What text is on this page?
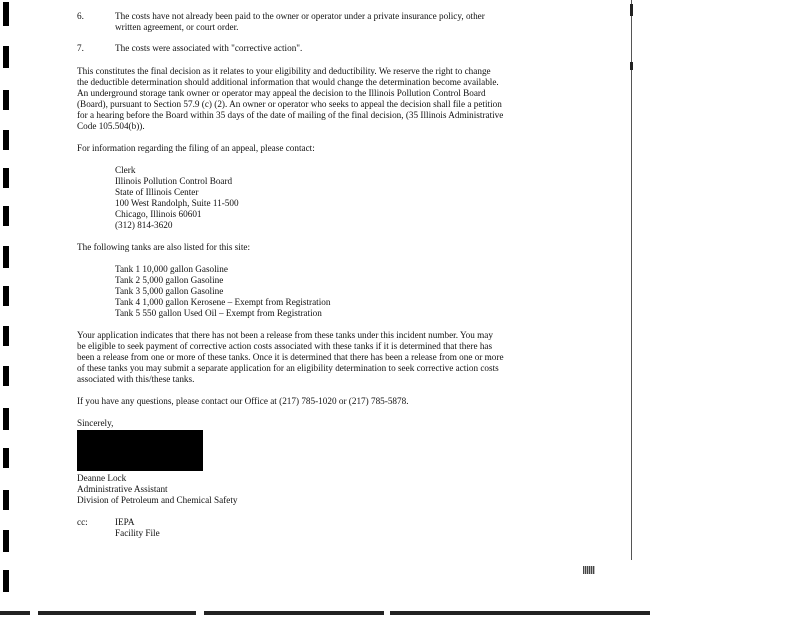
6.	The costs have not already been paid to the owner or operator under a private insurance policy, other
written agreement, or court order.
7.	The costs were associated with "corrective action".

This constitutes the final decision as it relates to your eligibility and deductibility. We reserve the right to change

the deductible determination should additional information that would change the determination become available.

An underground storage tank owner or operator may appeal the decision to the Illinois Pollution Control Board

(Board), pursuant to Section 57.9 (c) (2). An owner or operator who seeks to appeal the decision shall file a petition

for a hearing before the Board within 35 days of the date of mailing of the final decision, (35 Illinois Administrative

Code 105.504(b)).

For information regarding the filing of an appeal, please contact:

Clerk

Illinois Pollution Control Board

State of Illinois Center

100 West Randolph, Suite 11-500

Chicago, Illinois 60601

(312) 814-3620

The following tanks are also listed for this site:

Tank 1 10,000 gallon Gasoline

Tank 2 5,000 gallon Gasoline

Tank 3 5,000 gallon Gasoline

Tank 4 1,000 gallon Kerosene – Exempt from Registration

Tank 5 550 gallon Used Oil – Exempt from Registration

Your application indicates that there has not been a release from these tanks under this incident number. You may

be eligible to seek payment of corrective action costs associated with these tanks if it is determined that there has

been a release from one or more of these tanks. Once it is determined that there has been a release from one or more

of these tanks you may submit a separate application for an eligibility determination to seek corrective action costs

associated with this/these tanks.

If you have any questions, please contact our Office at (217) 785-1020 or (217) 785-5878.
Sincerely,

Deanne Lock

Administrative Assistant

Division of Petroleum and Chemical Safety

cc:	IEPA

Facility File
